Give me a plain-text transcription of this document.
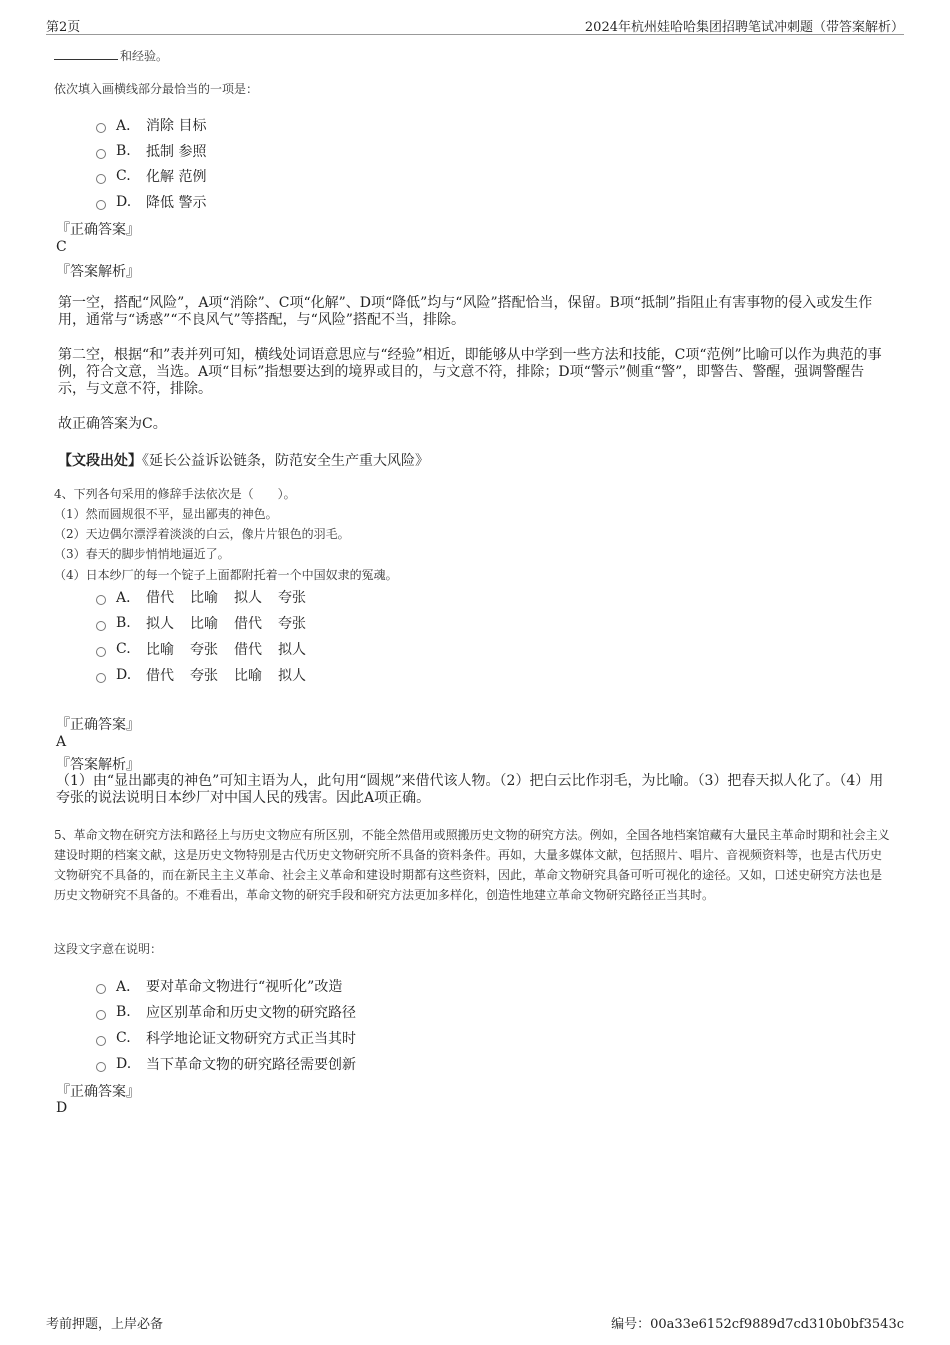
第2页	2024年杭州娃哈哈集团招聘笔试冲刺题（带答案解析）
和经验。
依次填入画横线部分最恰当的一项是：
A． 消除 目标
B.	抵制 参照
C.	化解 范例
D.	降低 警示
『正确答案』
C
『答案解析』
第一空，搭配“风险”，A项“消除”、C项“化解”、D项“降低”均与“风险”搭配恰当，保留。B项“抵制”指阻止有害事物的侵入或发生作用，通常与“诱惑”“不良风气”等搭配，与“风险”搭配不当，排除。
第二空，根据“和”表并列可知，横线处词语意思应与“经验”相近，即能够从中学到一些方法和技能，C项“范例”比喻可以作为典范的事例，符合文意，当选。A项“目标”指想要达到的境界或目的，与文意不符，排除；D项“警示”侧重“警”，即警告、警醒，强调警醒告示，与文意不符，排除。
故正确答案为C。
【文段出处】《延长公益诉讼链条，防范安全生产重大风险》
4、下列各句采用的修辞手法依次是（　　）。
（1）然而圆规很不平，显出鄙夷的神色。
（2）天边偶尔漂浮着淡淡的白云，像片片银色的羽毛。
（3）春天的脚步悄悄地逼近了。
（4）日本纱厂的每一个锭子上面都附托着一个中国奴隶的冤魂。
A． 借代 比喻 拟人 夸张
B.	拟人 比喻 借代 夸张
C.	比喻 夸张 借代 拟人
D.	借代 夸张 比喻 拟人
『正确答案』
A
『答案解析』
（1）由“显出鄙夷的神色”可知主语为人，此句用“圆规”来借代该人物。（2）把白云比作羽毛，为比喻。（3）把春天拟人化了。（4）用夸张的说法说明日本纱厂对中国人民的残害。因此A项正确。
5、革命文物在研究方法和路径上与历史文物应有所区别，不能全然借用或照搬历史文物的研究方法。例如，全国各地档案馆藏有大量民主革命时期和社会主义建设时期的档案文献，这是历史文物特别是古代历史文物研究所不具备的资料条件。再如，大量多媒体文献，包括照片、唱片、音视频资料等，也是古代历史文物研究不具备的，而在新民主主义革命、社会主义革命和建设时期都有这些资料，因此，革命文物研究具备可听可视化的途径。又如，口述史研究方法也是历史文物研究不具备的。不难看出，革命文物的研究手段和研究方法更加多样化，创造性地建立革命文物研究路径正当其时。
这段文字意在说明：
A． 要对革命文物进行“视听化”改造
B.	应区别革命和历史文物的研究路径
C.	科学地论证文物研究方式正当其时
D.	当下革命文物的研究路径需要创新
『正确答案』
D
考前押题，上岸必备	编号：00a33e6152cf9889d7cd310b0bf3543c
